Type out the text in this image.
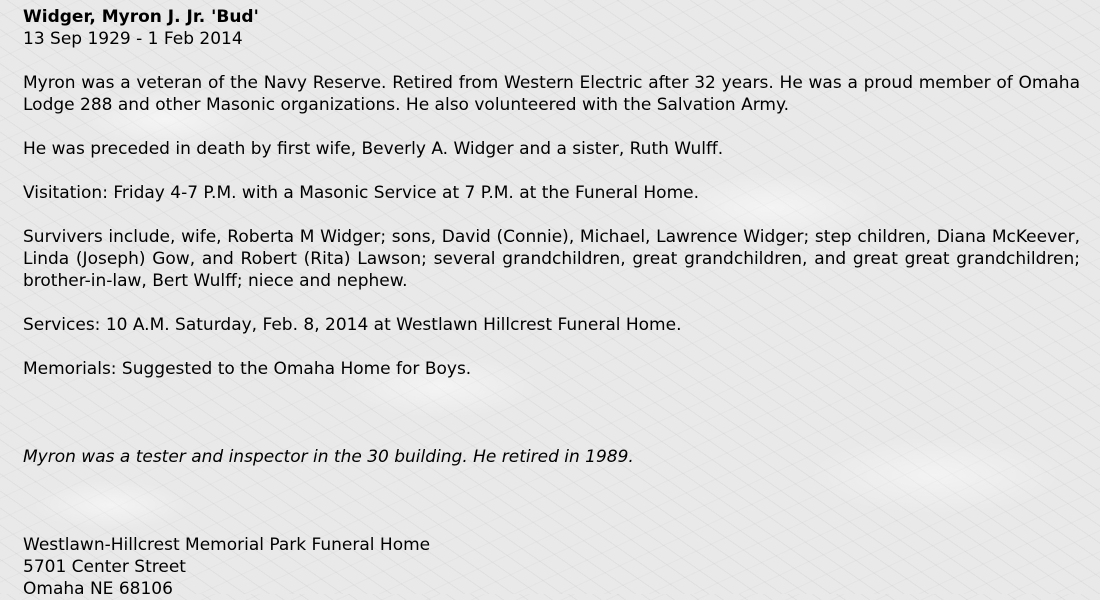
Widger, Myron J. Jr. 'Bud'

13 Sep 1929 - 1 Feb 2014

Myron was a veteran of the Navy Reserve. Retired from Western Electric after 32 years. He was a proud member of Omaha Lodge 288 and other Masonic organizations. He also volunteered with the Salvation Army.

He was preceded in death by first wife, Beverly A. Widger and a sister, Ruth Wulff.

Visitation: Friday 4-7 P.M. with a Masonic Service at 7 P.M. at the Funeral Home.

Survivers include, wife, Roberta M Widger; sons, David (Connie), Michael, Lawrence Widger; step children, Diana McKeever, Linda (Joseph) Gow, and Robert (Rita) Lawson; several grandchildren, great grandchildren, and great great grandchildren; brother-in-law, Bert Wulff; niece and nephew.

Services: 10 A.M. Saturday, Feb. 8, 2014 at Westlawn Hillcrest Funeral Home.

Memorials: Suggested to the Omaha Home for Boys.

Myron was a tester and inspector in the 30 building. He retired in 1989.

Westlawn-Hillcrest Memorial Park Funeral Home

5701 Center Street

Omaha NE 68106
